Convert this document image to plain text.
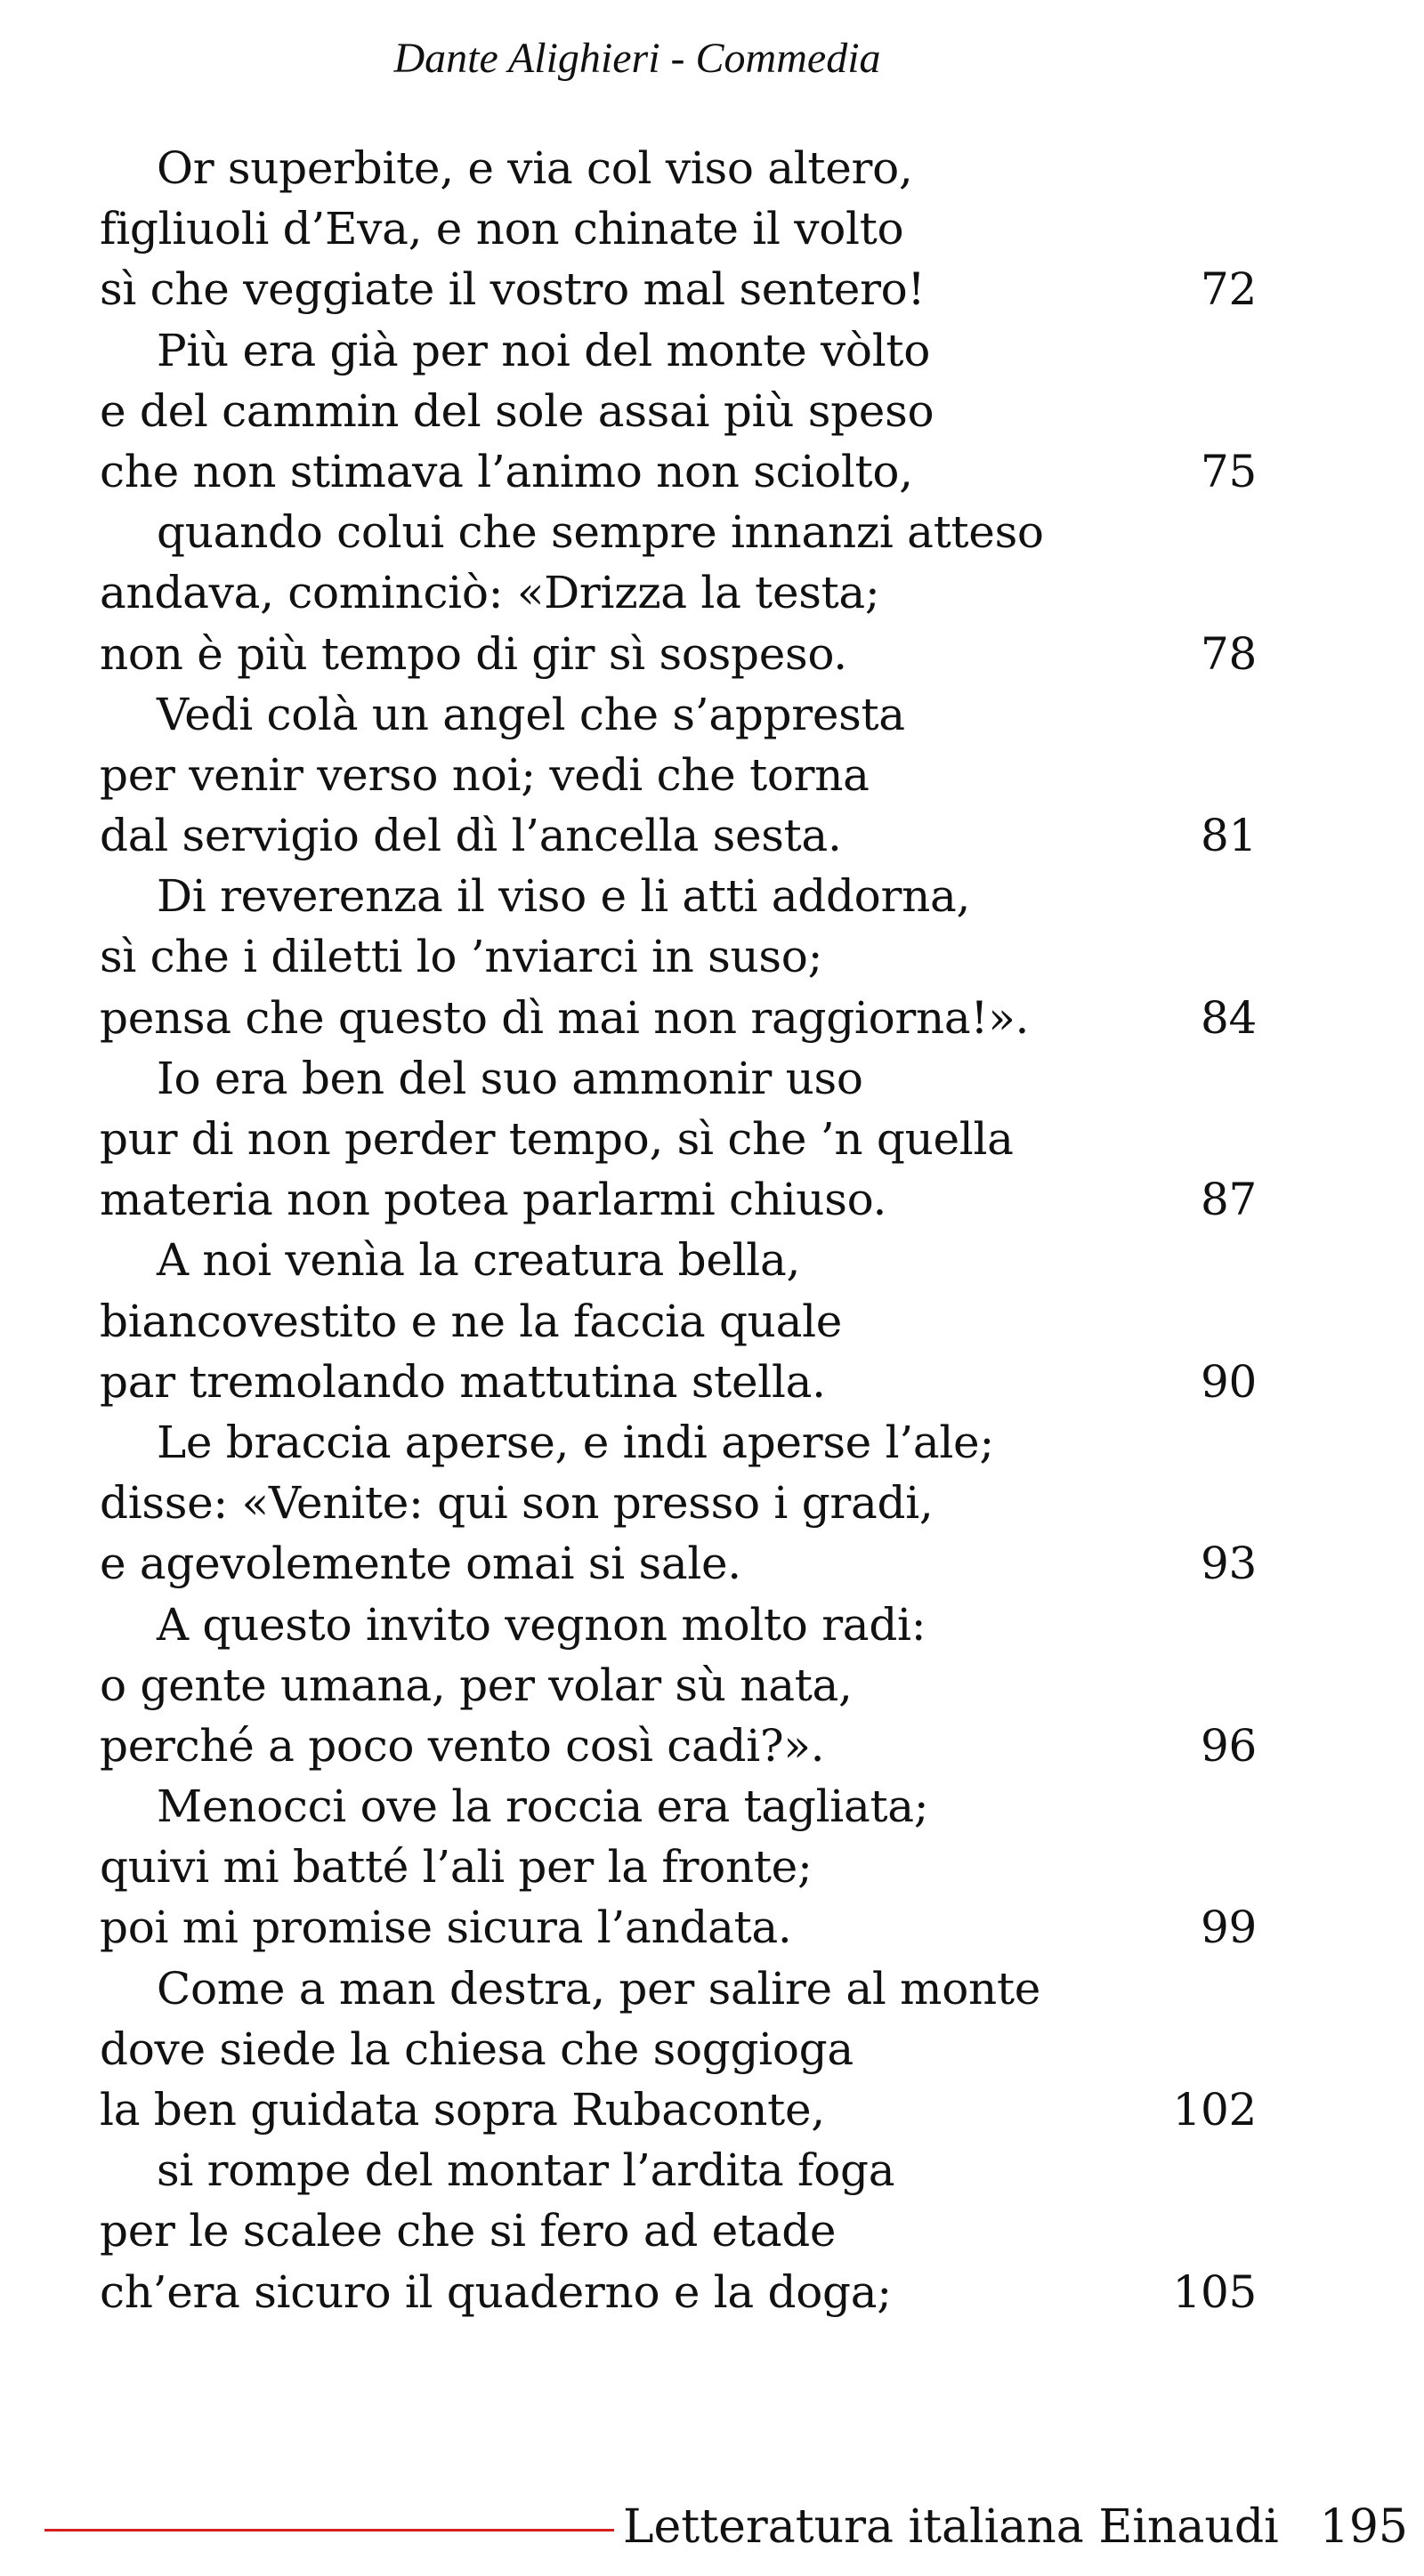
Dante Alighieri - Commedia
Or superbite, e via col viso altero,
figliuoli d’Eva, e non chinate il volto
sì che veggiate il vostro mal sentero!	72
Più era già per noi del monte vòlto
e del cammin del sole assai più speso
che non stimava l’animo non sciolto,	75
quando colui che sempre innanzi atteso
andava, cominciò: «Drizza la testa;
non è più tempo di gir sì sospeso.	78
Vedi colà un angel che s’appresta
per venir verso noi; vedi che torna
dal servigio del dì l’ancella sesta.	81
Di reverenza il viso e li atti addorna,
sì che i diletti lo ’nviarci in suso;
pensa che questo dì mai non raggiorna!».	84
Io era ben del suo ammonir uso
pur di non perder tempo, sì che ’n quella
materia non potea parlarmi chiuso.	87
A noi venìa la creatura bella,
biancovestito e ne la faccia quale
par tremolando mattutina stella.	90
Le braccia aperse, e indi aperse l’ale;
disse: «Venite: qui son presso i gradi,
e agevolemente omai si sale.	93
A questo invito vegnon molto radi:
o gente umana, per volar sù nata,
perché a poco vento così cadi?».	96
Menocci ove la roccia era tagliata;
quivi mi batté l’ali per la fronte;
poi mi promise sicura l’andata.	99
Come a man destra, per salire al monte
dove siede la chiesa che soggioga
la ben guidata sopra Rubaconte,	102
si rompe del montar l’ardita foga
per le scalee che si fero ad etade
ch’era sicuro il quaderno e la doga;	105
Letteratura italiana Einaudi 195
